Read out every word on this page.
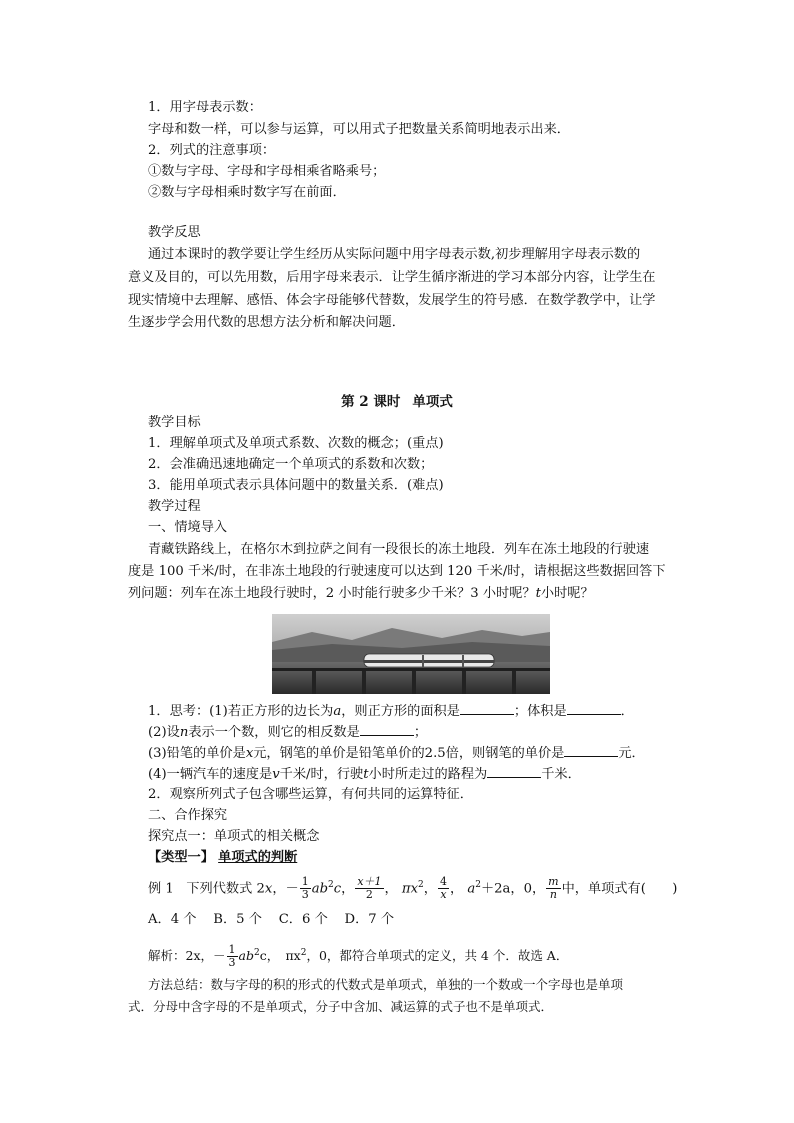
1．用字母表示数：
字母和数一样，可以参与运算，可以用式子把数量关系简明地表示出来．
2．列式的注意事项：
①数与字母、字母和字母相乘省略乘号；
②数与字母相乘时数字写在前面．
教学反思
通过本课时的教学要让学生经历从实际问题中用字母表示数,初步理解用字母表示数的
意义及目的，可以先用数，后用字母来表示．让学生循序渐进的学习本部分内容，让学生在
现实情境中去理解、感悟、体会字母能够代替数，发展学生的符号感．在数学教学中，让学
生逐步学会用代数的思想方法分析和解决问题．
第 2 课时 单项式
教学目标
1．理解单项式及单项式系数、次数的概念；(重点)
2．会准确迅速地确定一个单项式的系数和次数；
3．能用单项式表示具体问题中的数量关系．(难点)
教学过程
一、情境导入
青藏铁路线上，在格尔木到拉萨之间有一段很长的冻土地段．列车在冻土地段的行驶速
度是 100 千米/时，在非冻土地段的行驶速度可以达到 120 千米/时，请根据这些数据回答下
列问题：列车在冻土地段行驶时，2 小时能行驶多少千米？3 小时呢？t小时呢？
1．思考：(1)若正方形的边长为a，则正方形的面积是	；体积是	．
(2)设n表示一个数，则它的相反数是	；
(3)铅笔的单价是x元，钢笔的单价是铅笔单价的2.5倍，则钢笔的单价是	元．
(4)一辆汽车的速度是v千米/时，行驶t小时所走过的路程为	千米．
2．观察所列式子包含哪些运算，有何共同的运算特征．
二、合作探究
探究点一：单项式的相关概念
【类型一】 单项式的判断
例 1 下列代数式 2x，－ $\frac{1}{3} ab^2c$， $\frac{x+1}{2}$ ， $\pi x^2$， $\frac{4}{x}$ ， $a^2+2a$，0， $\frac{m}{n}$ 中，单项式有(　　)
A．4 个 B．5 个 C．6 个 D．7 个
解析：2x，－ $\frac{1}{3} ab^2c$，　$\pi x^2$，0，都符合单项式的定义，共 4 个．故选 A．
方法总结：数与字母的积的形式的代数式是单项式，单独的一个数或一个字母也是单项
式．分母中含字母的不是单项式，分子中含加、减运算的式子也不是单项式．
